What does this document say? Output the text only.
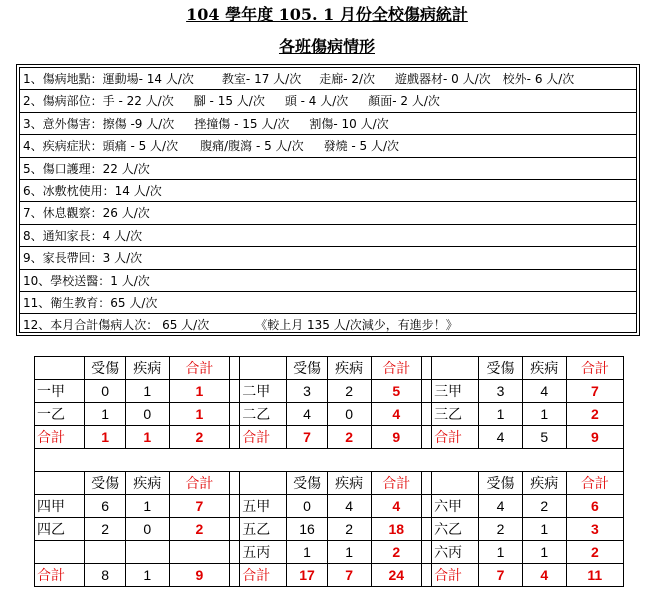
104 學年度 105. 1 月份全校傷病統計
各班傷病情形
1、傷病地點：運動場- 14 人/次 教室- 17 人/次 走廊- 2/次 遊戲器材- 0 人/次 校外- 6 人/次
2、傷病部位：手 - 22 人/次 腳 - 15 人/次 頭 - 4 人/次 顏面- 2 人/次
3、意外傷害：擦傷 -9 人/次 挫撞傷 - 15 人/次 割傷- 10 人/次
4、疾病症狀：頭痛 - 5 人/次 腹痛/腹瀉 - 5 人/次 發燒 - 5 人/次
5、傷口護理：22 人/次
6、冰敷枕使用：14 人/次
7、休息觀察：26 人/次
8、通知家長：4 人/次
9、家長帶回：3 人/次
10、學校送醫：1 人/次
11、衛生教育：65 人/次
12、本月合計傷病人次： 65 人/次	《較上月 135 人/次減少，有進步！》
	受傷	疾病	合計			受傷	疾病	合計			受傷	疾病	合計
一甲	0	1	1		二甲	3	2	5		三甲	3	4	7
一乙	1	0	1		二乙	4	0	4		三乙	1	1	2
合計	1	1	2		合計	7	2	9		合計	4	5	9

	受傷	疾病	合計			受傷	疾病	合計			受傷	疾病	合計
四甲	6	1	7		五甲	0	4	4		六甲	4	2	6
四乙	2	0	2		五乙	16	2	18		六乙	2	1	3
					五丙	1	1	2		六丙	1	1	2
合計	8	1	9		合計	17	7	24		合計	7	4	11
